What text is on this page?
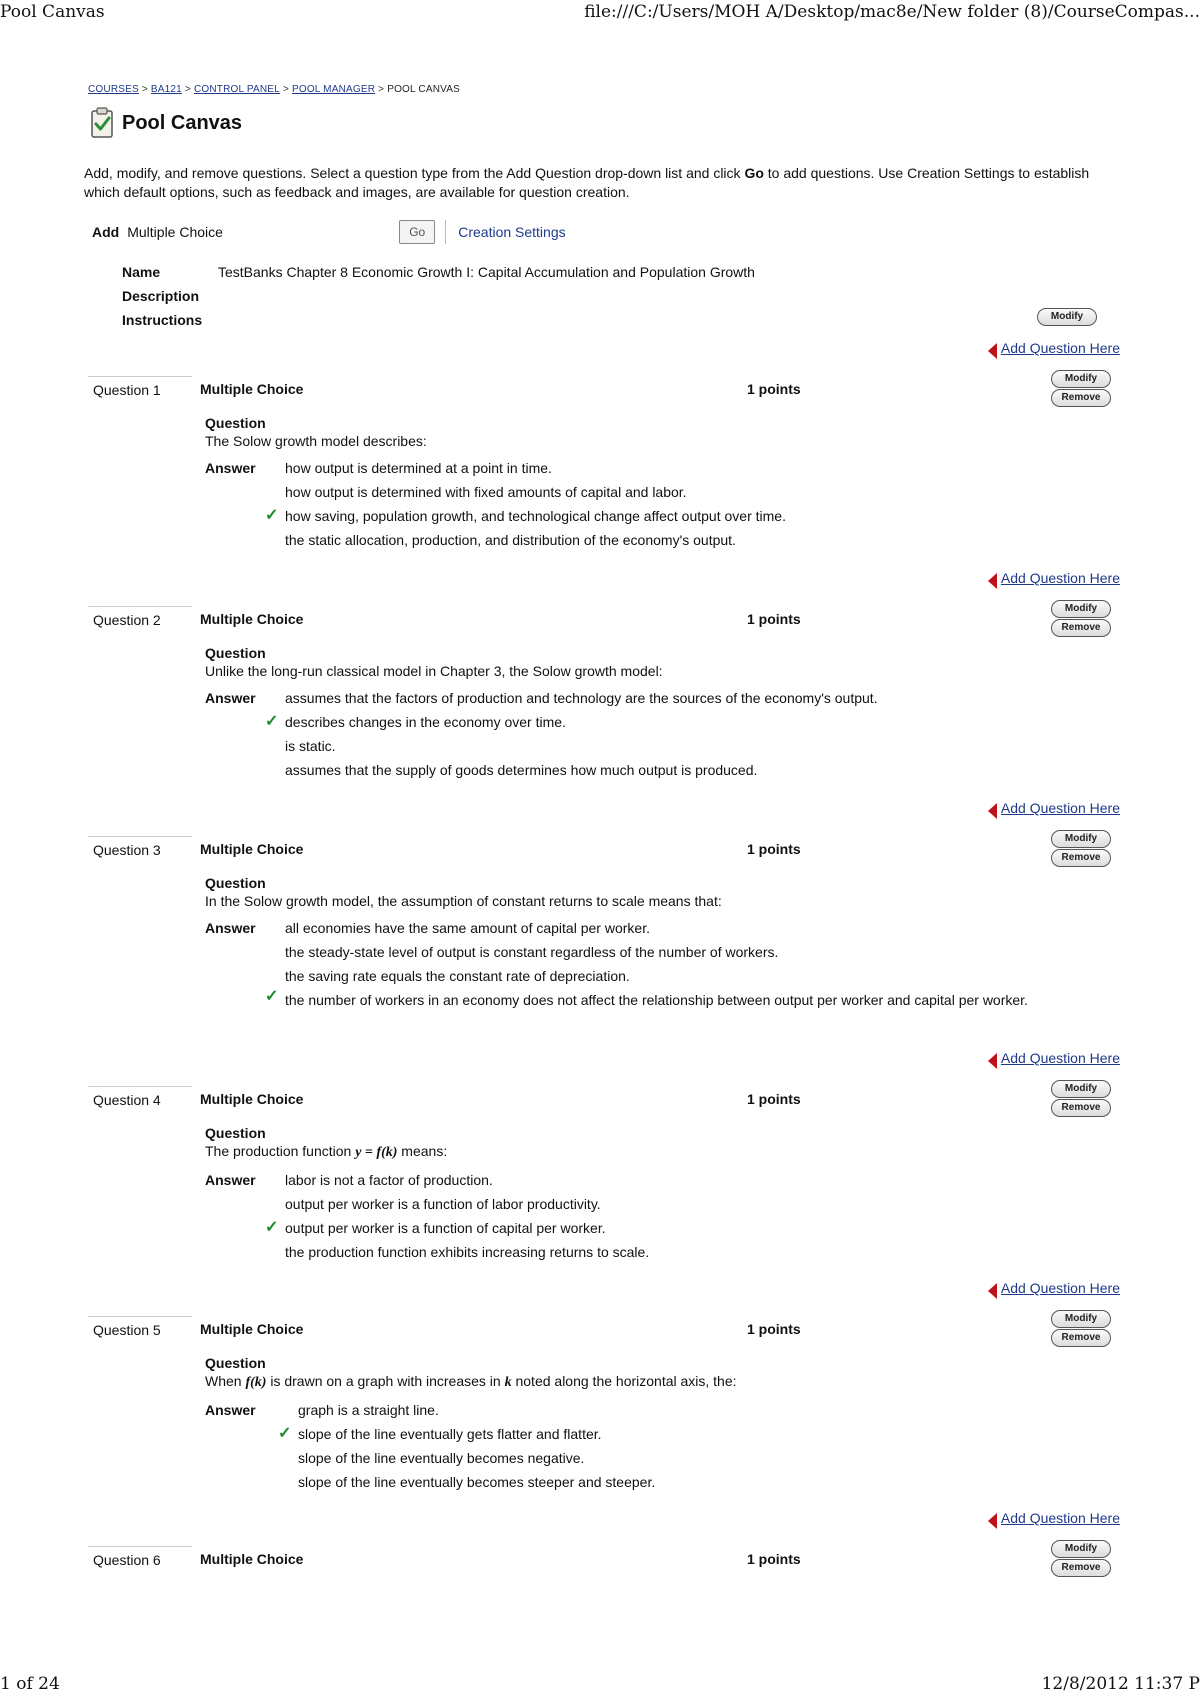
Pool Canvas	file:///C:/Users/MOH A/Desktop/mac8e/New folder (8)/CourseCompas...
COURSES > BA121 > CONTROL PANEL > POOL MANAGER > POOL CANVAS
Pool Canvas
Add, modify, and remove questions. Select a question type from the Add Question drop-down list and click Go to add questions. Use Creation Settings to establish which default options, such as feedback and images, are available for question creation.
Add Multiple Choice	Go	Creation Settings
Name	TestBanks Chapter 8 Economic Growth I: Capital Accumulation and Population Growth
Description
Instructions	Modify
Add Question Here
Add Question Here
Add Question Here
Add Question Here
Add Question Here
Add Question Here
Modify
Remove
Modify
Remove
Modify
Remove
Modify
Remove
Modify
Remove
Modify
Remove
Question 1	Multiple Choice	1 points
Question
The Solow growth model describes:
Answer how output is determined at a point in time.
how output is determined with fixed amounts of capital and labor.
✓ how saving, population growth, and technological change affect output over time.
the static allocation, production, and distribution of the economy's output.
Question 2	Multiple Choice	1 points
Question
Unlike the long-run classical model in Chapter 3, the Solow growth model:
Answer assumes that the factors of production and technology are the sources of the economy's output.
✓ describes changes in the economy over time.
is static.
assumes that the supply of goods determines how much output is produced.
Question 3	Multiple Choice	1 points
Question
In the Solow growth model, the assumption of constant returns to scale means that:
Answer all economies have the same amount of capital per worker.
the steady-state level of output is constant regardless of the number of workers.
the saving rate equals the constant rate of depreciation.
✓ the number of workers in an economy does not affect the relationship between output per worker and capital per worker.
Question 4	Multiple Choice	1 points
Question
The production function y = f(k) means:
Answer labor is not a factor of production.
output per worker is a function of labor productivity.
✓ output per worker is a function of capital per worker.
the production function exhibits increasing returns to scale.
Question 5	Multiple Choice	1 points
Question
When f(k) is drawn on a graph with increases in k noted along the horizontal axis, the:
Answer	graph is a straight line.
✓ slope of the line eventually gets flatter and flatter.
slope of the line eventually becomes negative.
slope of the line eventually becomes steeper and steeper.
Question 6	Multiple Choice	1 points
1 of 24	12/8/2012 11:37 P
